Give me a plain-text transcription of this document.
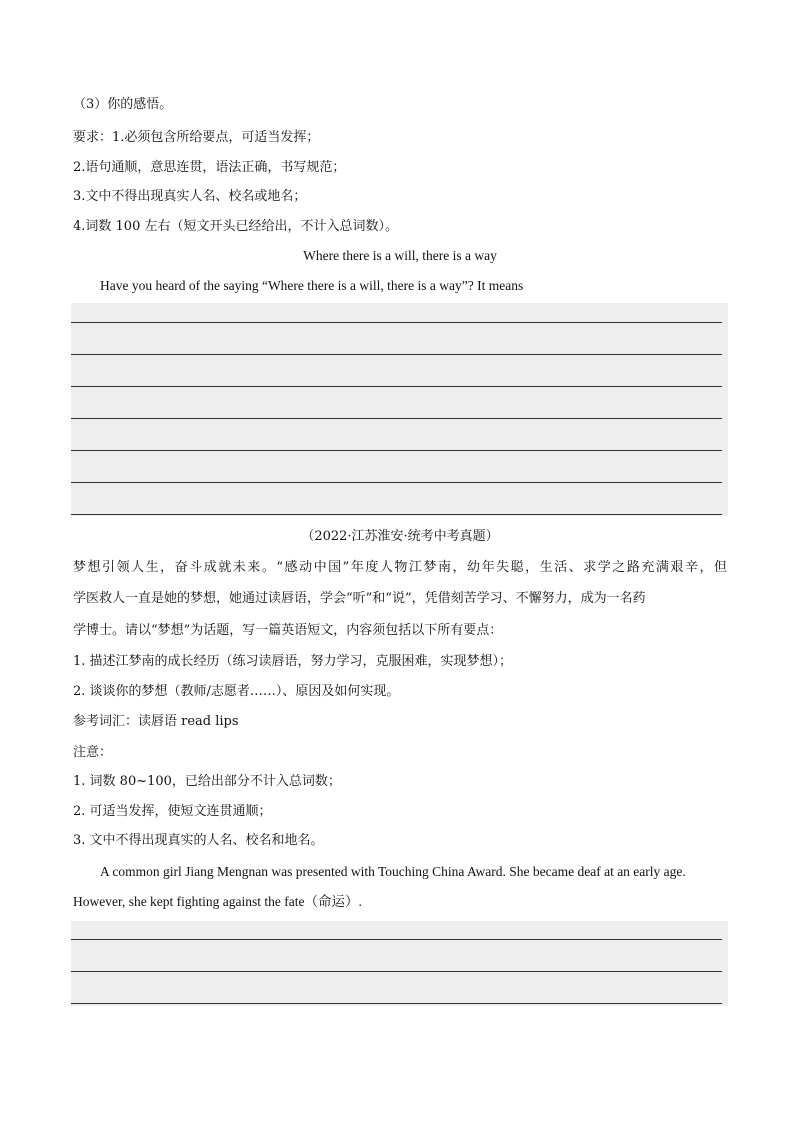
（3）你的感悟。
要求：1.必须包含所给要点，可适当发挥；
2.语句通顺，意思连贯，语法正确，书写规范；
3.文中不得出现真实人名、校名或地名；
4.词数 100 左右（短文开头已经给出，不计入总词数）。
Where there is a will, there is a way
Have you heard of the saying “Where there is a will, there is a way”? It means
（2022·江苏淮安·统考中考真题）
梦想引领人生，奋斗成就未来。“感动中国”年度人物江梦南，幼年失聪，生活、求学之路充满艰辛，但
学医救人一直是她的梦想，她通过读唇语，学会“听”和“说”，凭借刻苦学习、不懈努力，成为一名药
学博士。请以“梦想”为话题，写一篇英语短文，内容须包括以下所有要点：
1. 描述江梦南的成长经历（练习读唇语，努力学习，克服困难，实现梦想）；
2. 谈谈你的梦想（教师/志愿者……）、原因及如何实现。
参考词汇：读唇语 read lips
注意：
1. 词数 80~100，已给出部分不计入总词数；
2. 可适当发挥，使短文连贯通顺；
3. 文中不得出现真实的人名、校名和地名。
A common girl Jiang Mengnan was presented with Touching China Award. She became deaf at an early age.
However, she kept fighting against the fate（命运）.
